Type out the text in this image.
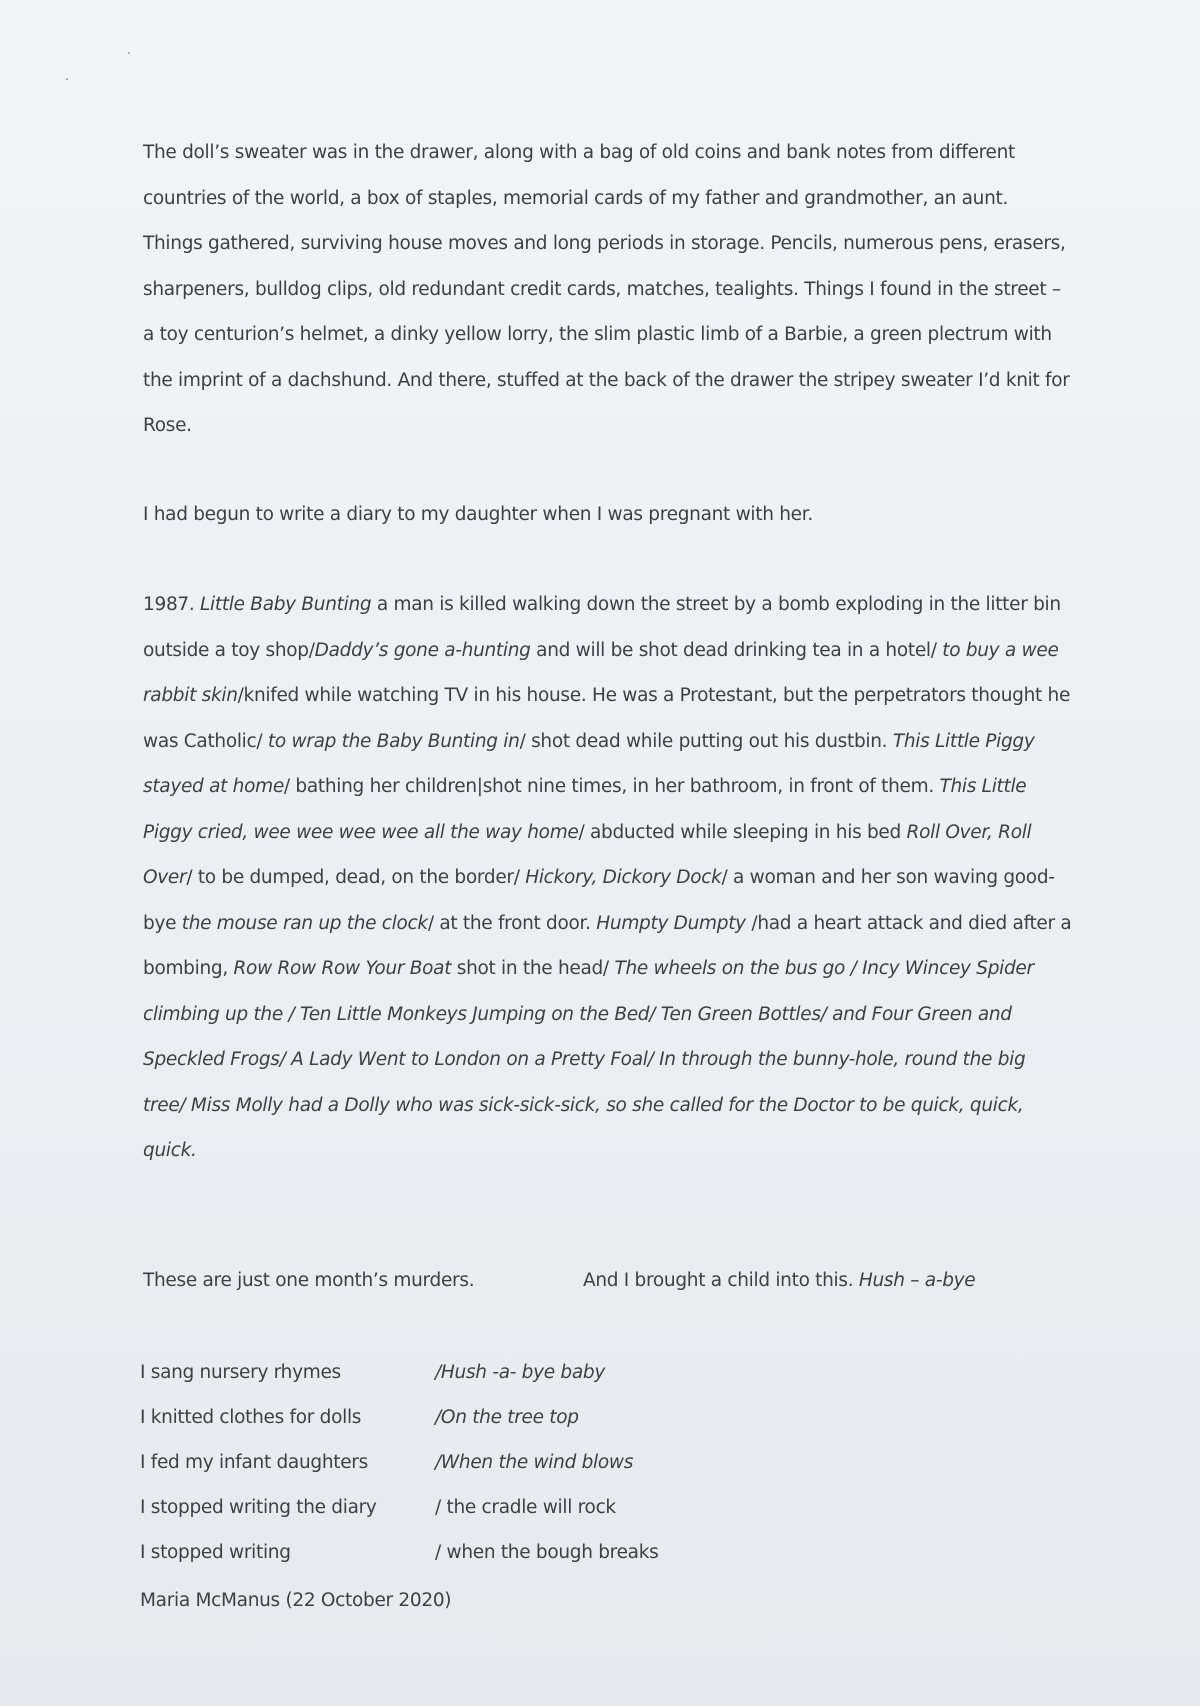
The doll’s sweater was in the drawer, along with a bag of old coins and bank notes from different countries of the world, a box of staples, memorial cards of my father and grandmother, an aunt. Things gathered, surviving house moves and long periods in storage. Pencils, numerous pens, erasers, sharpeners, bulldog clips, old redundant credit cards, matches, tealights. Things I found in the street – a toy centurion’s helmet, a dinky yellow lorry, the slim plastic limb of a Barbie, a green plectrum with the imprint of a dachshund. And there, stuffed at the back of the drawer the stripey sweater I’d knit for Rose.

I had begun to write a diary to my daughter when I was pregnant with her.

1987. Little Baby Bunting a man is killed walking down the street by a bomb exploding in the litter bin outside a toy shop/Daddy’s gone a-hunting and will be shot dead drinking tea in a hotel/ to buy a wee rabbit skin/knifed while watching TV in his house. He was a Protestant, but the perpetrators thought he was Catholic/ to wrap the Baby Bunting in/ shot dead while putting out his dustbin. This Little Piggy stayed at home/ bathing her children|shot nine times, in her bathroom, in front of them. This Little Piggy cried, wee wee wee wee all the way home/ abducted while sleeping in his bed Roll Over, Roll Over/ to be dumped, dead, on the border/ Hickory, Dickory Dock/ a woman and her son waving good-bye the mouse ran up the clock/ at the front door. Humpty Dumpty /had a heart attack and died after a bombing, Row Row Row Your Boat shot in the head/ The wheels on the bus go / Incy Wincey Spider climbing up the / Ten Little Monkeys Jumping on the Bed/ Ten Green Bottles/ and Four Green and Speckled Frogs/ A Lady Went to London on a Pretty Foal/ In through the bunny-hole, round the big tree/ Miss Molly had a Dolly who was sick-sick-sick, so she called for the Doctor to be quick, quick, quick.

These are just one month’s murders.	And I brought a child into this. Hush – a-bye

I sang nursery rhymes	/Hush -a- bye baby
I knitted clothes for dolls	/On the tree top
I fed my infant daughters	/When the wind blows
I stopped writing the diary	/ the cradle will rock
I stopped writing	/ when the bough breaks
Maria McManus (22 October 2020)
